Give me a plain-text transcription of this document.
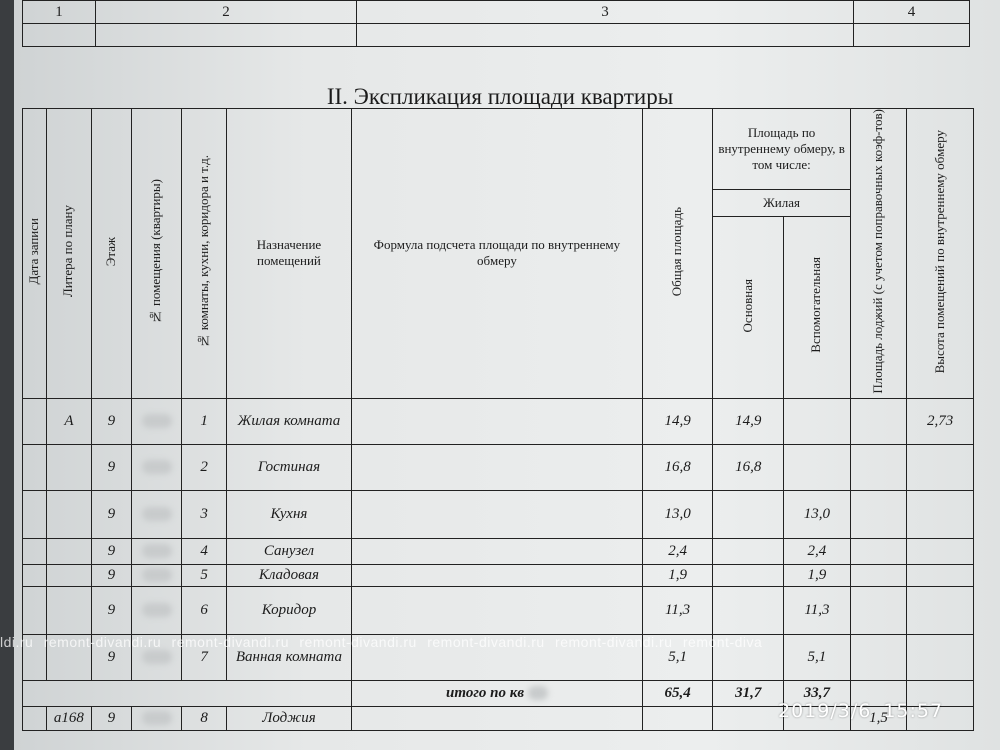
1	2	3	4

II. Экспликация площади квартиры
Дата записи	Литера по плану	Этаж	№ помещения (квартиры)	№ комнаты, кухни, коридора и т.д.	Назначение помещений	Формула подсчета площади по внутреннему обмеру	Общая площадь	Площадь по внутреннему обмеру, в том числе:		Площадь лоджий (с учетом поправочных коэф-тов)	Высота помещений по внутреннему обмеру
								Жилая			
								Основная	Вспомогательная		
	А	9		1	Жилая комната		14,9	14,9			2,73
		9		2	Гостиная		16,8	16,8			
		9		3	Кухня		13,0		13,0		
		9		4	Санузел		2,4		2,4		
		9		5	Кладовая		1,9		1,9		
		9		6	Коридор		11,3		11,3		
		9		7	Ванная комната		5,1		5,1		
						итого по кв	65,4	31,7	33,7		
	а168	9		8	Лоджия					1,5	
ldi.ru remont-divandi.ru remont-divandi.ru remont-divandi.ru remont-divandi.ru remont-divandi.ru remont-diva
2019/3/6 15:57
